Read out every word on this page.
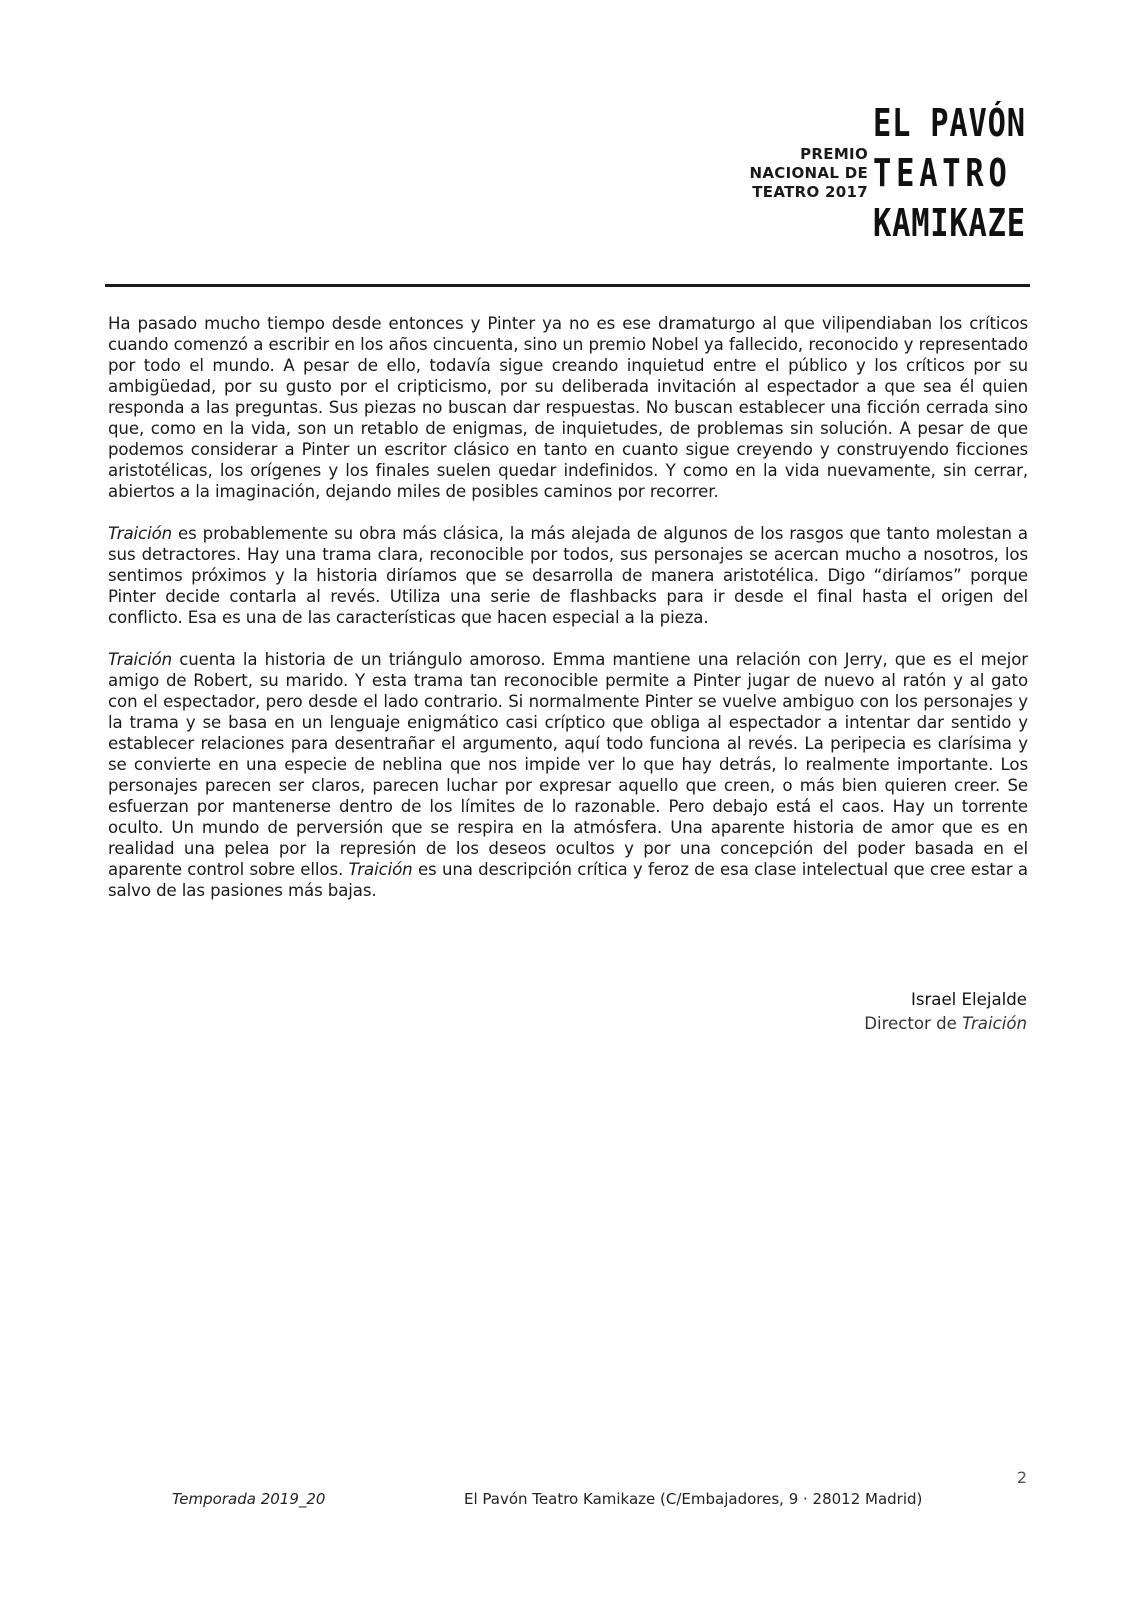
PREMIO
NACIONAL DE
TEATRO 2017
EL PAVÓN
TEATRO
KAMIKAZE

Ha pasado mucho tiempo desde entonces y Pinter ya no es ese dramaturgo al que vilipendiaban los críticos cuando comenzó a escribir en los años cincuenta, sino un premio Nobel ya fallecido, reconocido y representado por todo el mundo. A pesar de ello, todavía sigue creando inquietud entre el público y los críticos por su ambigüedad, por su gusto por el cripticismo, por su deliberada invitación al espectador a que sea él quien responda a las preguntas. Sus piezas no buscan dar respuestas. No buscan establecer una ficción cerrada sino que, como en la vida, son un retablo de enigmas, de inquietudes, de problemas sin solución. A pesar de que podemos considerar a Pinter un escritor clásico en tanto en cuanto sigue creyendo y construyendo ficciones aristotélicas, los orígenes y los finales suelen quedar indefinidos. Y como en la vida nuevamente, sin cerrar, abiertos a la imaginación, dejando miles de posibles caminos por recorrer.

Traición es probablemente su obra más clásica, la más alejada de algunos de los rasgos que tanto molestan a sus detractores. Hay una trama clara, reconocible por todos, sus personajes se acercan mucho a nosotros, los sentimos próximos y la historia diríamos que se desarrolla de manera aristotélica. Digo “diríamos” porque Pinter decide contarla al revés. Utiliza una serie de flashbacks para ir desde el final hasta el origen del conflicto. Esa es una de las características que hacen especial a la pieza.

Traición cuenta la historia de un triángulo amoroso. Emma mantiene una relación con Jerry, que es el mejor amigo de Robert, su marido. Y esta trama tan reconocible permite a Pinter jugar de nuevo al ratón y al gato con el espectador, pero desde el lado contrario. Si normalmente Pinter se vuelve ambiguo con los personajes y la trama y se basa en un lenguaje enigmático casi críptico que obliga al espectador a intentar dar sentido y establecer relaciones para desentrañar el argumento, aquí todo funciona al revés. La peripecia es clarísima y se convierte en una especie de neblina que nos impide ver lo que hay detrás, lo realmente importante. Los personajes parecen ser claros, parecen luchar por expresar aquello que creen, o más bien quieren creer. Se esfuerzan por mantenerse dentro de los límites de lo razonable. Pero debajo está el caos. Hay un torrente oculto. Un mundo de perversión que se respira en la atmósfera. Una aparente historia de amor que es en realidad una pelea por la represión de los deseos ocultos y por una concepción del poder basada en el aparente control sobre ellos. Traición es una descripción crítica y feroz de esa clase intelectual que cree estar a salvo de las pasiones más bajas.

Israel Elejalde
Director de Traición
2
Temporada 2019_20	El Pavón Teatro Kamikaze (C/Embajadores, 9 · 28012 Madrid)
